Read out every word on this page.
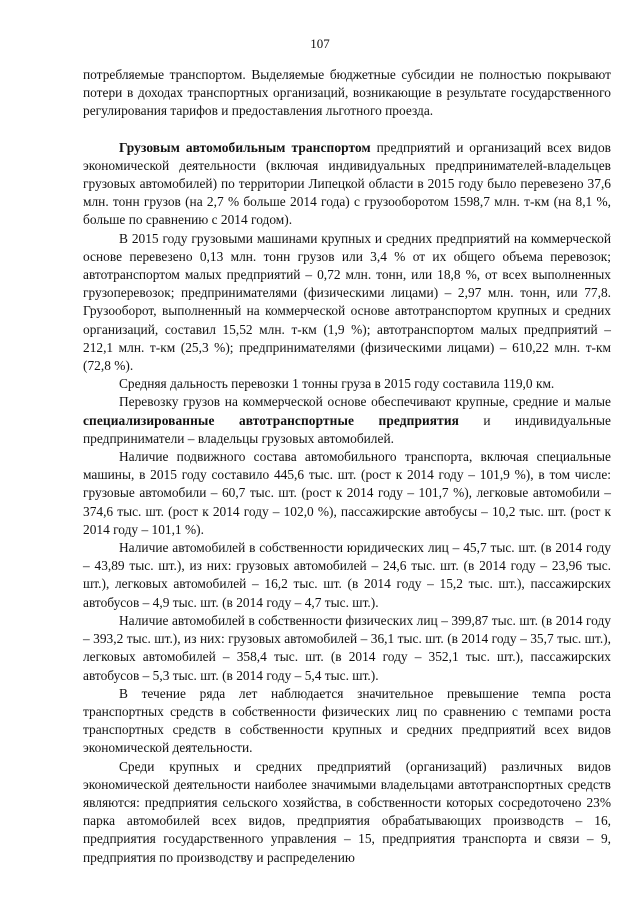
107

потребляемые транспортом. Выделяемые бюджетные субсидии не полностью покрывают потери в доходах транспортных организаций, возникающие в результате государственного регулирования тарифов и предоставления льготного проезда.

Грузовым автомобильным транспортом предприятий и организаций всех видов экономической деятельности (включая индивидуальных предпринимателей-владельцев грузовых автомобилей) по территории Липецкой области в 2015 году было перевезено 37,6 млн. тонн грузов (на 2,7 % больше 2014 года) с грузооборотом 1598,7 млн. т-км (на 8,1 %, больше по сравнению с 2014 годом).

В 2015 году грузовыми машинами крупных и средних предприятий на коммерческой основе перевезено 0,13 млн. тонн грузов или 3,4 % от их общего объема перевозок; автотранспортом малых предприятий – 0,72 млн. тонн, или 18,8 %, от всех выполненных грузоперевозок; предпринимателями (физическими лицами) – 2,97 млн. тонн, или 77,8. Грузооборот, выполненный на коммерческой основе автотранспортом крупных и средних организаций, составил 15,52 млн. т-км (1,9 %); автотранспортом малых предприятий – 212,1 млн. т-км (25,3 %); предпринимателями (физическими лицами) – 610,22 млн. т-км (72,8 %).

Средняя дальность перевозки 1 тонны груза в 2015 году составила 119,0 км.

Перевозку грузов на коммерческой основе обеспечивают крупные, средние и малые специализированные автотранспортные предприятия и индивидуальные предприниматели – владельцы грузовых автомобилей.

Наличие подвижного состава автомобильного транспорта, включая специальные машины, в 2015 году составило 445,6 тыс. шт. (рост к 2014 году – 101,9 %), в том числе: грузовые автомобили – 60,7 тыс. шт. (рост к 2014 году – 101,7 %), легковые автомобили – 374,6 тыс. шт. (рост к 2014 году – 102,0 %), пассажирские автобусы – 10,2 тыс. шт. (рост к 2014 году – 101,1 %).

Наличие автомобилей в собственности юридических лиц – 45,7 тыс. шт. (в 2014 году – 43,89 тыс. шт.), из них: грузовых автомобилей – 24,6 тыс. шт. (в 2014 году – 23,96 тыс. шт.), легковых автомобилей – 16,2 тыс. шт. (в 2014 году – 15,2 тыс. шт.), пассажирских автобусов – 4,9 тыс. шт. (в 2014 году – 4,7 тыс. шт.).

Наличие автомобилей в собственности физических лиц – 399,87 тыс. шт. (в 2014 году – 393,2 тыс. шт.), из них: грузовых автомобилей – 36,1 тыс. шт. (в 2014 году – 35,7 тыс. шт.), легковых автомобилей – 358,4 тыс. шт. (в 2014 году – 352,1 тыс. шт.), пассажирских автобусов – 5,3 тыс. шт. (в 2014 году – 5,4 тыс. шт.).

В течение ряда лет наблюдается значительное превышение темпа роста транспортных средств в собственности физических лиц по сравнению с темпами роста транспортных средств в собственности крупных и средних предприятий всех видов экономической деятельности.

Среди крупных и средних предприятий (организаций) различных видов экономической деятельности наиболее значимыми владельцами автотранспортных средств являются: предприятия сельского хозяйства, в собственности которых сосредоточено 23% парка автомобилей всех видов, предприятия обрабатывающих производств – 16, предприятия государственного управления – 15, предприятия транспорта и связи – 9, предприятия по производству и распределению
